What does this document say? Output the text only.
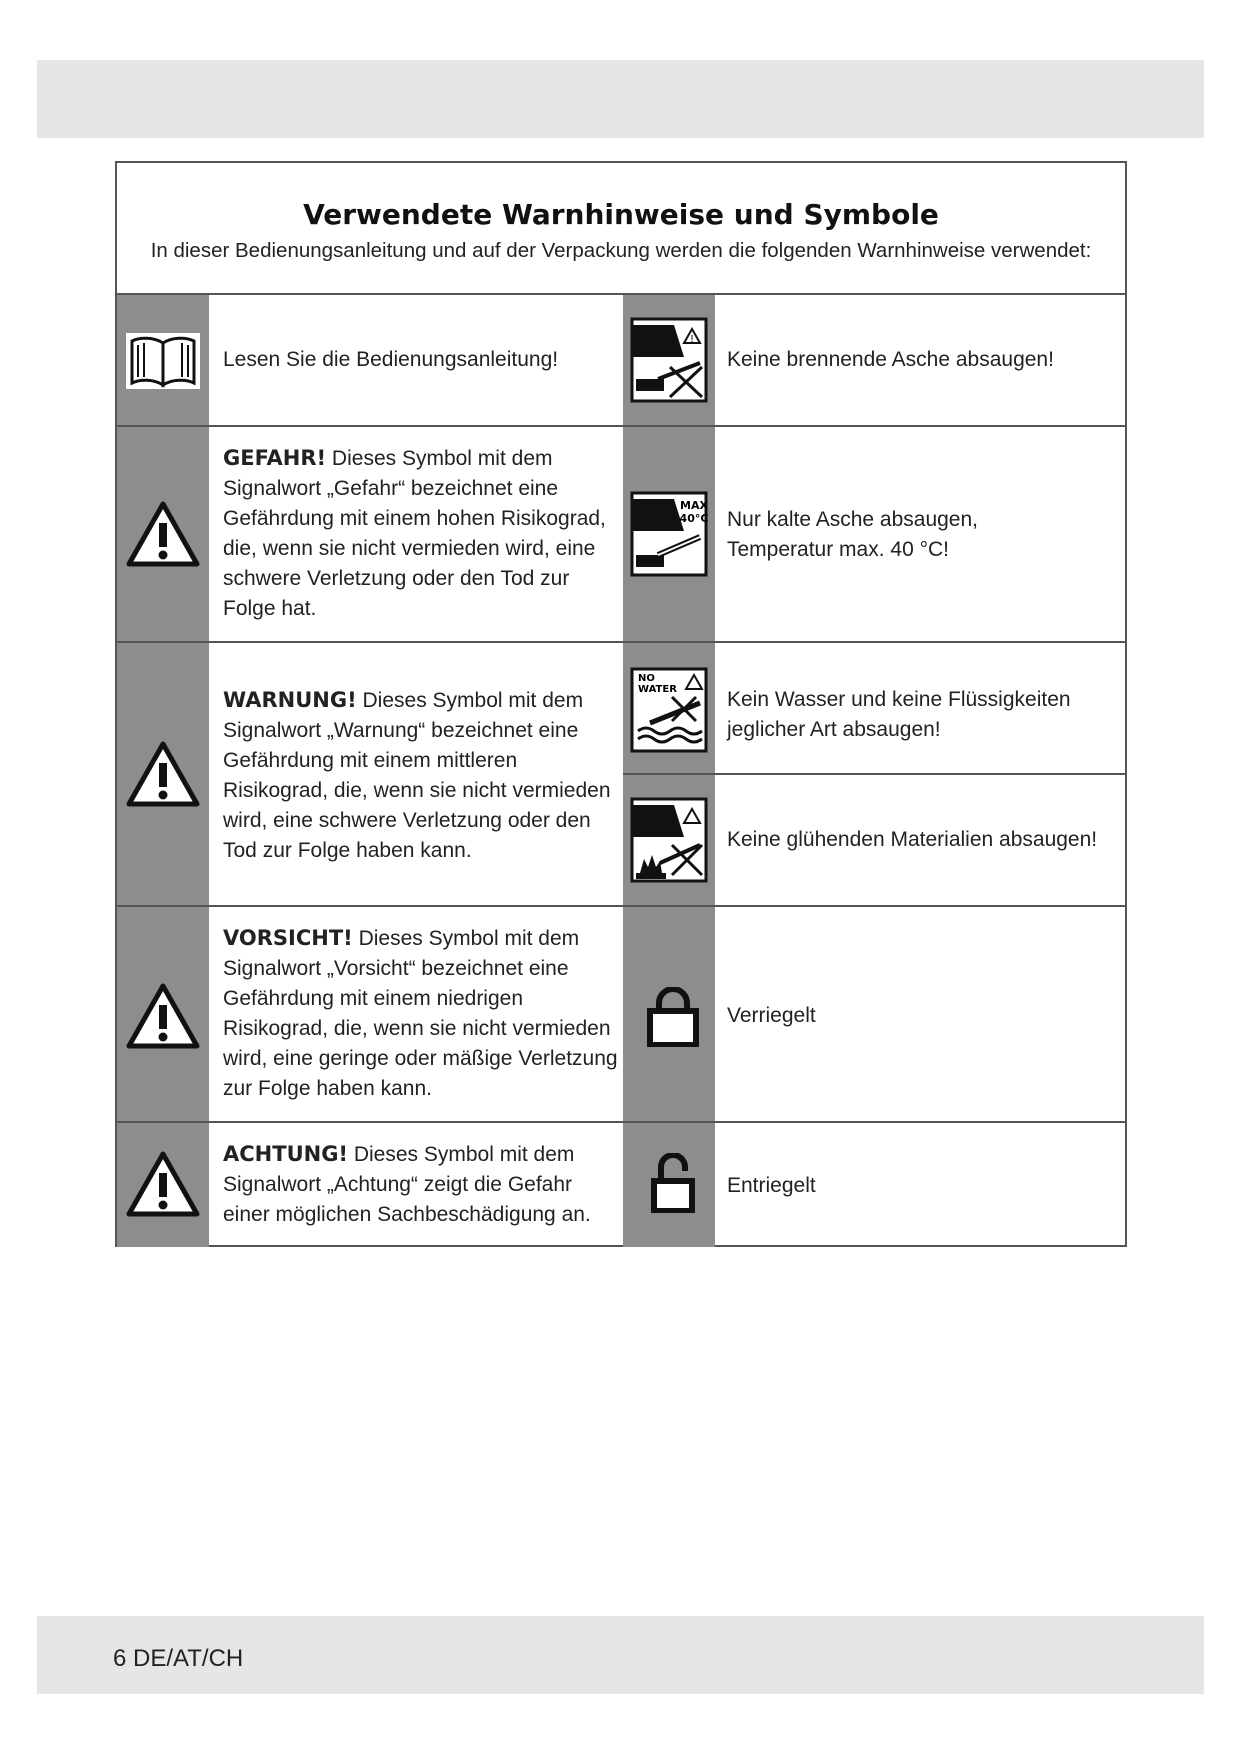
Verwendete Warnhinweise und Symbole
In dieser Bedienungsanleitung und auf der Verpackung werden die folgenden Warnhinweise verwendet:
Lesen Sie die Bedienungsanleitung!
!
Keine brennende Asche absaugen!
GEFAHR! Dieses Symbol mit dem Signalwort „Gefahr“ bezeichnet eine Gefährdung mit einem hohen Risikograd, die, wenn sie nicht vermieden wird, eine schwere Verletzung oder den Tod zur Folge hat.
MAX
40°C Nur kalte Asche absaugen,
Temperatur max. 40 °C!
WARNUNG! Dieses Symbol mit dem Signalwort „Warnung“ bezeichnet eine Gefährdung mit einem mittleren Risikograd, die, wenn sie nicht vermieden wird, eine schwere Verletzung oder den Tod zur Folge haben kann.
NO
WATER Kein Wasser und keine Flüssigkeiten
jeglicher Art absaugen!
Keine glühenden Materialien absaugen!
VORSICHT! Dieses Symbol mit dem Signalwort „Vorsicht“ bezeichnet eine Gefährdung mit einem niedrigen Risikograd, die, wenn sie nicht vermieden wird, eine geringe oder mäßige Verletzung zur Folge haben kann.
Verriegelt
ACHTUNG! Dieses Symbol mit dem Signalwort „Achtung“ zeigt die Gefahr einer möglichen Sachbeschädigung an.
Entriegelt
6 DE/AT/CH
